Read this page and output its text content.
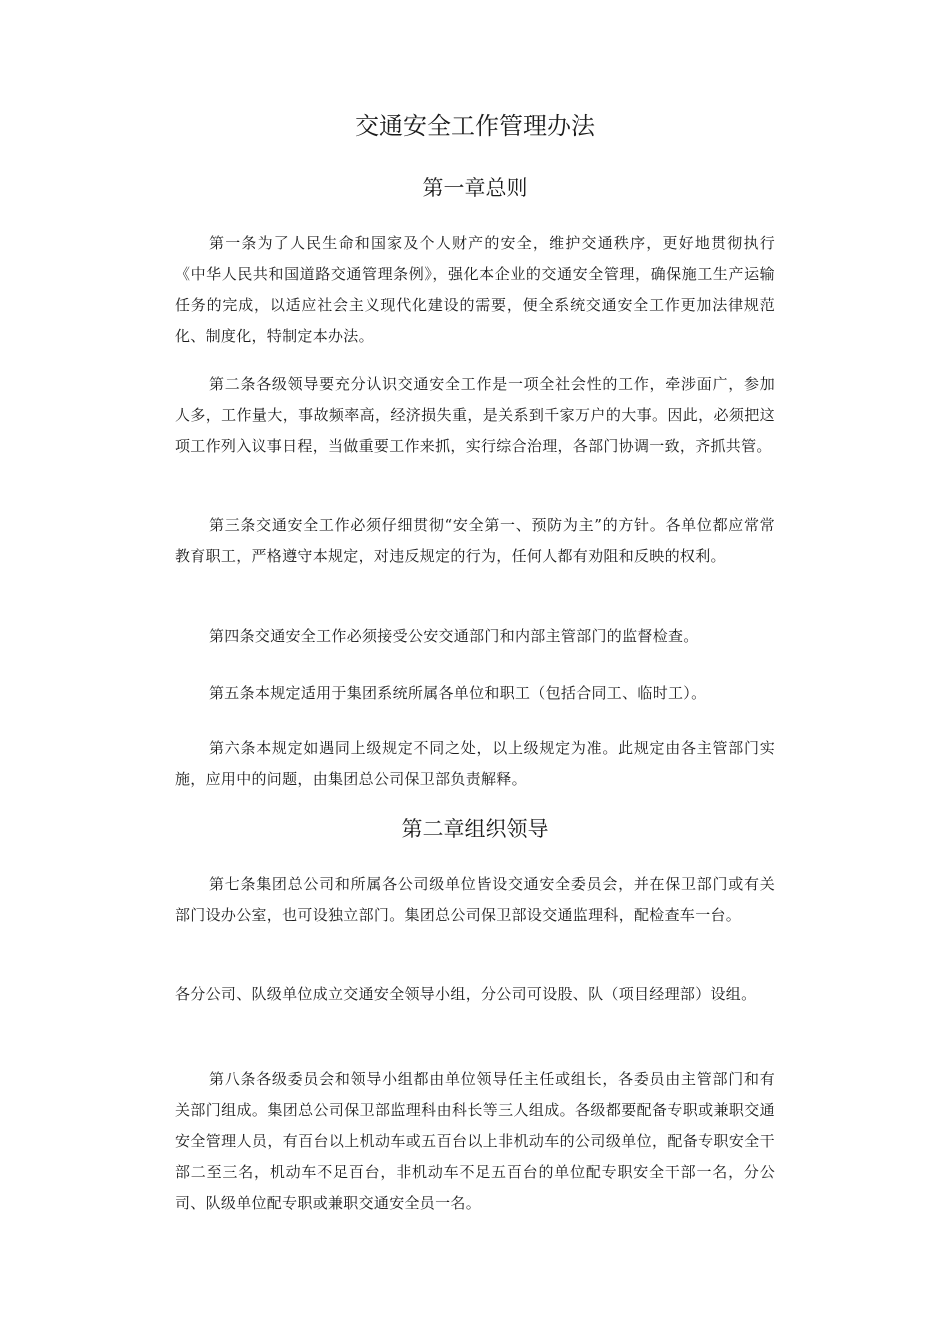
交通安全工作管理办法
第一章总则

第一条为了人民生命和国家及个人财产的安全，维护交通秩序，更好地贯彻执行《中华人民共和国道路交通管理条例》，强化本企业的交通安全管理，确保施工生产运输任务的完成，以适应社会主义现代化建设的需要，便全系统交通安全工作更加法律规范化、制度化，特制定本办法。

第二条各级领导要充分认识交通安全工作是一项全社会性的工作，牵涉面广，参加人多，工作量大，事故频率高，经济损失重，是关系到千家万户的大事。因此，必须把这项工作列入议事日程，当做重要工作来抓，实行综合治理，各部门协调一致，齐抓共管。

第三条交通安全工作必须仔细贯彻“安全第一、预防为主”的方针。各单位都应常常教育职工，严格遵守本规定，对违反规定的行为，任何人都有劝阻和反映的权利。

第四条交通安全工作必须接受公安交通部门和内部主管部门的监督检查。

第五条本规定适用于集团系统所属各单位和职工（包括合同工、临时工）。

第六条本规定如遇同上级规定不同之处，以上级规定为准。此规定由各主管部门实施，应用中的问题，由集团总公司保卫部负责解释。

第二章组织领导

第七条集团总公司和所属各公司级单位皆设交通安全委员会，并在保卫部门或有关部门设办公室，也可设独立部门。集团总公司保卫部设交通监理科，配检查车一台。

各分公司、队级单位成立交通安全领导小组，分公司可设股、队（项目经理部）设组。

第八条各级委员会和领导小组都由单位领导任主任或组长，各委员由主管部门和有关部门组成。集团总公司保卫部监理科由科长等三人组成。各级都要配备专职或兼职交通安全管理人员，有百台以上机动车或五百台以上非机动车的公司级单位，配备专职安全干部二至三名，机动车不足百台，非机动车不足五百台的单位配专职安全干部一名，分公司、队级单位配专职或兼职交通安全员一名。
